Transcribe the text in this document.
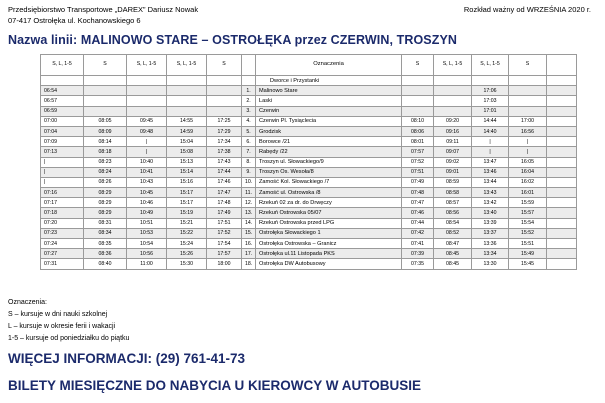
Przedsiębiorstwo Transportowe „DAREX” Dariusz Nowak
07-417 Ostrołęka ul. Kochanowskiego 6
Rozkład ważny od WRZEŚNIA 2020 r.
Nazwa linii: MALINOWO STARE – OSTROŁĘKA przez CZERWIN, TROSZYN
S, L, 1-5	S	S, L, 1-5	S, L, 1-5	S		Oznaczenia	S	S, L, 1-5	S, L, 1-5	S	
						Dworce i Przystanki					
06:54					1.	Malinowo Stare			17:06		
06:57					2.	Laski			17:03		
06:59					3.	Czerwin			17:01		
07:00	08:05	09:45	14:55	17:25	4.	Czerwin Pl. Tysiąclecia	08:10	09:20	14:44	17:00	
07:04	08:09	09:48	14:59	17:29	5.	Grodzisk	08:06	09:16	14:40	16:56	
07:09	08:14	|	15:04	17:34	6.	Borowce /21	08:01	09:11	|	|	
07:13	08:18	|	15:08	17:38	7.	Rabędy /22	07:57	09:07	|	|	
|	08:23	10:40	15:13	17:43	8.	Troszyn ul. Słowackiego/9	07:52	09:02	13:47	16:05	
|	08:24	10:41	15:14	17:44	9.	Troszyn Os. Wesoła/8	07:51	09:01	13:46	16:04	
|	08:26	10:43	15:16	17:46	10.	Zamość Kol. Słowackiego /7	07:49	08:59	13:44	16:02	
07:16	08:29	10:45	15:17	17:47	11.	Zamość ul. Ostrowska /8	07:48	08:58	13:43	16:01	
07:17	08:29	10:46	15:17	17:48	12.	Rzekuń 02 za dr. do Drwęczy	07:47	08:57	13:42	15:59	
07:18	08:29	10:49	15:19	17:49	13.	Rzekuń Ostrowska 05/07	07:46	08:56	13:40	15:57	
07:20	08:31	10:51	15:21	17:51	14.	Rzekuń Ostrowska przed LPG	07:44	08:54	13:39	15:54	
07:23	08:34	10:53	15:22	17:52	15.	Ostrołęka Słowackiego 1	07:42	08:52	13:37	15:52	
07:24	08:35	10:54	15:24	17:54	16.	Ostrołęka Ostrowska – Granicz	07:41	08:47	13:36	15:51	
07:27	08:36	10:56	15:26	17:57	17.	Ostrołęka ul.11 Listopada PKS	07:39	08:45	13:34	15:49	
07:31	08:40	11:00	15:30	18:00	18.	Ostrołęka DW Autobusowy	07:35	08:45	13:30	15:45	
Oznaczenia:
S – kursuje w dni nauki szkolnej
L – kursuje w okresie ferii i wakacji
1-5 – kursuje od poniedziałku do piątku
WIĘCEJ INFORMACJI: (29) 761-41-73
BILETY MIESIĘCZNE DO NABYCIA U KIEROWCY W AUTOBUSIE
